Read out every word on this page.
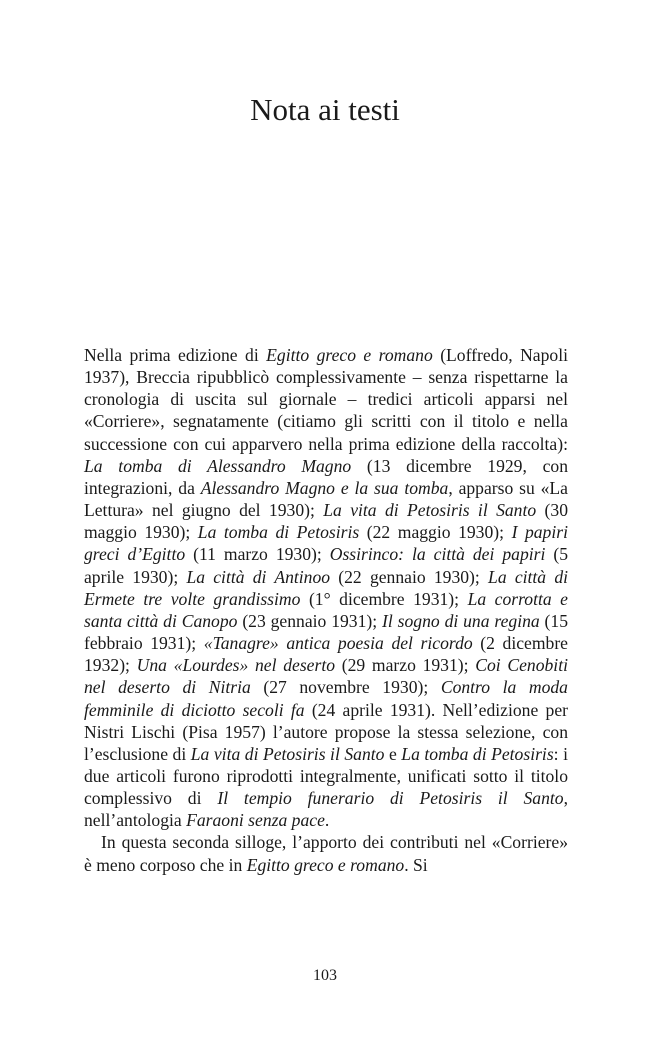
Nota ai testi

Nella prima edizione di Egitto greco e romano (Loffredo, Napoli 1937), Breccia ripubblicò complessivamente – senza rispettarne la cronologia di uscita sul giornale – tredici articoli apparsi nel «Corriere», segnatamente (citiamo gli scritti con il titolo e nella successione con cui apparvero nella prima edizione della raccolta): La tomba di Alessandro Magno (13 dicembre 1929, con integrazioni, da Alessandro Magno e la sua tomba, apparso su «La Lettura» nel giugno del 1930); La vita di Petosiris il Santo (30 maggio 1930); La tomba di Petosiris (22 maggio 1930); I papiri greci d’Egitto (11 marzo 1930); Ossirinco: la città dei papiri (5 aprile 1930); La città di Antinoo (22 gennaio 1930); La città di Ermete tre volte grandissimo (1° dicembre 1931); La corrotta e santa città di Canopo (23 gennaio 1931); Il sogno di una regina (15 febbraio 1931); «Tanagre» antica poesia del ricordo (2 dicembre 1932); Una «Lourdes» nel deserto (29 marzo 1931); Coi Cenobiti nel deserto di Nitria (27 novembre 1930); Contro la moda femminile di diciotto secoli fa (24 aprile 1931). Nell’edizione per Nistri Lischi (Pisa 1957) l’autore propose la stessa selezione, con l’esclusione di La vita di Petosiris il Santo e La tomba di Petosiris: i due articoli furono riprodotti integralmente, unificati sotto il titolo complessivo di Il tempio funerario di Petosiris il Santo, nell’antologia Faraoni senza pace.

In questa seconda silloge, l’apporto dei contributi nel «Corriere» è meno corposo che in Egitto greco e romano. Si

103
